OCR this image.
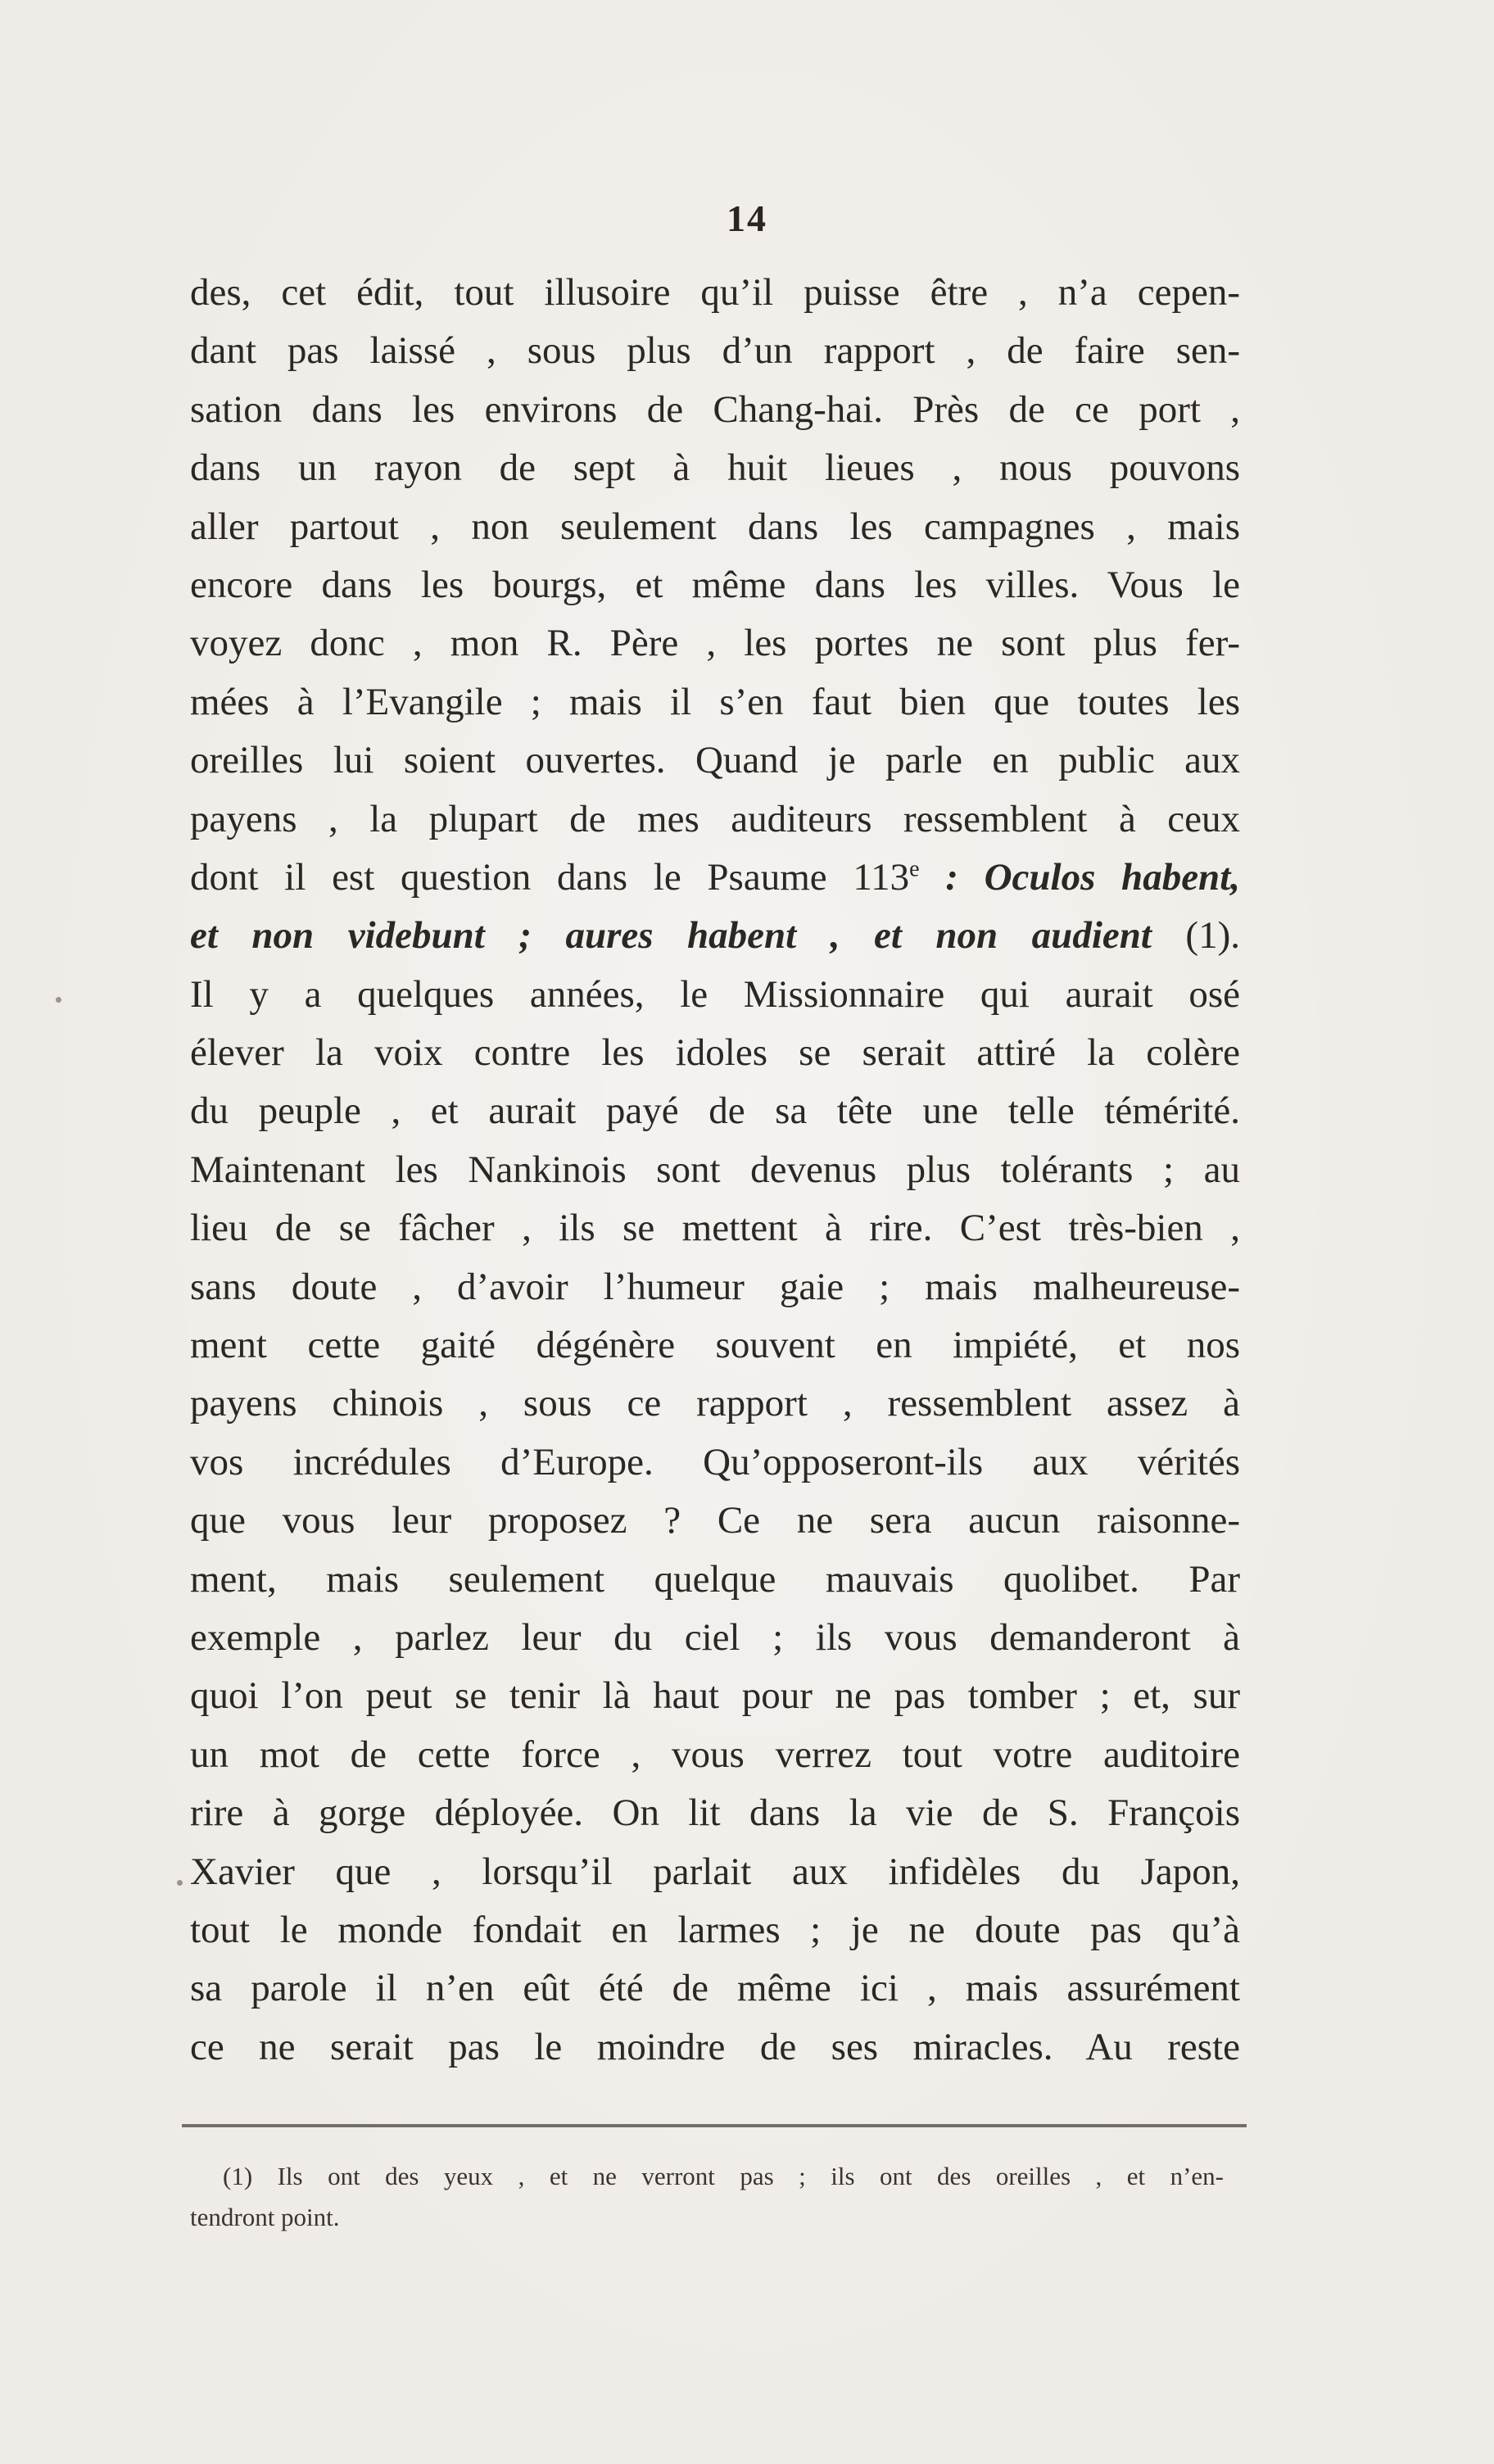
14
des, cet édit, tout illusoire qu’il puisse être , n’a cepen-
dant pas laissé , sous plus d’un rapport , de faire sen-
sation dans les environs de Chang-hai. Près de ce port ,
dans un rayon de sept à huit lieues , nous pouvons
aller partout , non seulement dans les campagnes , mais
encore dans les bourgs, et même dans les villes. Vous le
voyez donc , mon R. Père , les portes ne sont plus fer-
mées à l’Evangile ; mais il s’en faut bien que toutes les
oreilles lui soient ouvertes. Quand je parle en public aux
payens , la plupart de mes auditeurs ressemblent à ceux
dont il est question dans le Psaume 113e : Oculos habent,
et non videbunt ; aures habent , et non audient (1).
Il y a quelques années, le Missionnaire qui aurait osé
élever la voix contre les idoles se serait attiré la colère
du peuple , et aurait payé de sa tête une telle témérité.
Maintenant les Nankinois sont devenus plus tolérants ; au
lieu de se fâcher , ils se mettent à rire. C’est très-bien ,
sans doute , d’avoir l’humeur gaie ; mais malheureuse-
ment cette gaité dégénère souvent en impiété, et nos
payens chinois , sous ce rapport , ressemblent assez à
vos incrédules d’Europe. Qu’opposeront-ils aux vérités
que vous leur proposez ? Ce ne sera aucun raisonne-
ment, mais seulement quelque mauvais quolibet. Par
exemple , parlez leur du ciel ; ils vous demanderont à
quoi l’on peut se tenir là haut pour ne pas tomber ; et, sur
un mot de cette force , vous verrez tout votre auditoire
rire à gorge déployée. On lit dans la vie de S. François
Xavier que , lorsqu’il parlait aux infidèles du Japon,
tout le monde fondait en larmes ; je ne doute pas qu’à
sa parole il n’en eût été de même ici , mais assurément
ce ne serait pas le moindre de ses miracles. Au reste
(1) Ils ont des yeux , et ne verront pas ; ils ont des oreilles , et n’en-
tendront point.
